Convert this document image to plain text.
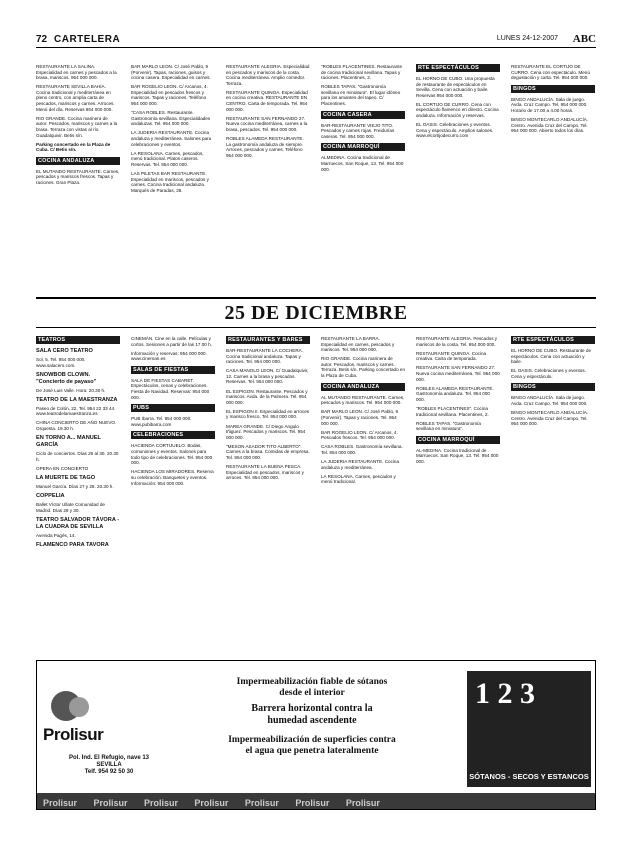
72 CARTELERA	LUNES 24-12-2007 ABC

RESTAURANTE LA SALINA. Especialidad en carnes y pescados a la brasa, mariscos. 954 000 000.

RESTAURANTE SEVILLA BAHÍA. Cocina tradicional y mediterránea en pleno centro, con amplia carta de pescados, mariscos y carnes. Arroces. Menú del día. Reservas 954 000 000.

RIO GRANDE. Cocina marinera de autor. Pescados, mariscos y carnes a la brasa. Terraza con vistas al río Guadalquivir. Betis s/n.

Parking concertado en la Plaza de Cuba. C/ Betis s/n.

COCINA ANDALUZA

EL MUTANDO RESTAURANTE. Carnes, pescados y mariscos frescos. Tapas y raciones. Gran Plaza.

BAR MARLO LEON. C/ José Pablo, 9 (Porvenir). Tapas, raciones, guisos y cocina casera. Especialidad en carnes.

BAR ROGELIO LEON. C/ Arcanos, 4. Especialidad en pescados frescos y mariscos. Tapas y raciones. Teléfono 954 000 000.

"CASA ROBLES. Restaurante. Gastronomía sevillana. Especialidades andaluzas. Tel. 954 000 000.

LA JUDERIA RESTAURANTE. Cocina andaluza y mediterránea. Salones para celebraciones y eventos.

LA RESOLANA. Carnes, pescados, menú tradicional. Platos caseros. Reservas. Tel. 954 000 000.

LAS PILETAS BAR RESTAURANTE. Especialidad en mariscos, pescados y carnes. Cocina tradicional andaluza. Marqués de Paradas, 28.

RESTAURANTE ALEGRIA. Especialidad en pescados y mariscos de la costa. Cocina mediterránea. Amplio comedor. Terraza.

RESTAURANTE QUINOA. Especialidad en cocina creativa. RESTAURANTE EN CENTRO. Carta de temporada. Tel. 954 000 000.

RESTAURANTE SAN FERNANDO 27. Nueva cocina mediterránea, carnes a la brasa, pescados. Tel. 954 000 000.

ROBLES ALAMEDA RESTAURANTE. La gastronomía andaluza de siempre. Arroces, pescados y carnes. Teléfono 954 000 000.

"ROBLES PLACENTINES. Restaurante de cocina tradicional sevillana. Tapas y raciones. Placentines, 2.

ROBLES TAPAS. "Gastronomía sevillana en miniatura". El lugar idóneo para los amantes del tapeo. C/ Placentines.

COCINA CASERA

BAR-RESTAURANTE VIEJO TITO. Pescados y carnes rojas. Freidurías caseras. Tel. 954 000 000.

COCINA MARROQUÍ

ALMEDINA. Cocina tradicional de Marruecos. San Roque, 13. Tel. 954 000 000.

RTE ESPECTÁCULOS

EL HORNO DE CUBO. Una propuesta de restaurante de espectáculos en Sevilla. Cena con actuación y baile. Reservas 954 000 000.

EL CORTIJO DE CURRO. Cena con espectáculo flamenco en directo. Cocina andaluza. Información y reservas.

EL OASIS. Celebraciones y eventos. Cena y espectáculo. Amplios salones. www.elcortijodecurro.com

RESTAURANTE EL CORTIJO DE CURRO. Cena con espectáculo. Menú degustación y carta. Tel. 954 000 000.

BINGOS

BINGO ANDALUCÍA. Sala de juego. Avda. Cruz Campo. Tel. 954 000 000. Horario de 17.00 a 4.00 horas.

BINGO MONTECARLO ANDALUCÍA. Centro. Avenida Cruz del Campo. Tel. 954 000 000. Abierto todos los días.

25 DE DICIEMBRE
TEATROS
SALA CERO TEATRO

Sol, 5. Tel. 954 000 000. www.salacero.com.

SNOWBOB CLOWN. "Concierto de payaso"

De José Luis Valle. Hora: 20.30 h.

TEATRO DE LA MAESTRANZA

Paseo de Colón, 22. Tel. 954 22 33 44. www.teatrodelamaestranza.es

CHINA CONCIERTO DE AÑO NUEVO. Orquesta. 19.30 h.

EN TORNO A... MANUEL GARCÍA

Ciclo de conciertos. Días 26 al 30. 20.30 h.

OPERA EN CONCIERTO

LA MUERTE DE TAGO

Manuel García. Días 27 y 28. 20.30 h.

COPPELIA

Ballet Víctor Ullate Comunidad de Madrid. Días 29 y 30.

TEATRO SALVADOR TÁVORA - LA CUADRA DE SEVILLA

Avenida Pagés, 14.

FLAMENCO PARA TAVORA

CINEMÁN. Cine en la calle. Películas y cortos. Sesiones a partir de las 17.00 h.

Información y reservas: 954 000 000. www.cineman.es

SALAS DE FIESTAS

SALA DE FIESTAS CABARET. Espectáculos, cenas y celebraciones. Fiesta de Navidad. Reservas: 954 000 000.

PUBS

PUB Ibarra. Tel. 954 000 000. www.pubibarra.com

CELEBRACIONES

HACIENDA CORTIJUELO. Bodas, comuniones y eventos. Salones para todo tipo de celebraciones. Tel. 954 000 000.

HACIENDA LOS MIRADORES. Reserva su celebración. Banquetes y eventos. Información: 954 000 000.

RESTAURANTES Y BARES

BAR-RESTAURANTE LA COCHERA. Cocina tradicional andaluza. Tapas y raciones. Tel. 954 000 000.

CASA MANOLO LEON. C/ Guadalquivir, 12. Carnes a la brasa y pescados. Reservas. Tel. 954 000 000.

EL ESPIGON. Restaurante. Pescados y mariscos. Avda. de la Palmera. Tel. 954 000 000.

EL ESPIGON II. Especialidad en arroces y marisco fresco. Tel. 954 000 000.

MAREA GRANDE. C/ Diego Angulo Iñiguez. Pescados y mariscos. Tel. 954 000 000.

"MESON ASADOR TITO ALBERTO". Carnes a la brasa. Comidas de empresa. Tel. 954 000 000.

RESTAURANTE LA BUENA PESCA. Especialidad en pescados, mariscos y arroces. Tel. 954 000 000.

RESTAURANTE LA BARRA. Especialidad en carnes, pescados y mariscos. Tel. 954 000 000.

RIO GRANDE. Cocina marinera de autor. Pescados, mariscos y carnes. Terraza. Betis s/n. Parking concertado en la Plaza de Cuba.

COCINA ANDALUZA

AL MUTANDO RESTAURANTE. Carnes, pescados y mariscos. Tel. 954 000 000.

BAR MARLO LEON. C/ José Pablo, 9 (Porvenir). Tapas y raciones. Tel. 954 000 000.

BAR ROGELIO LEON. C/ Arcanos, 4. Pescados frescos. Tel. 954 000 000.

CASA ROBLES. Gastronomía sevillana. Tel. 954 000 000.

LA JUDERIA RESTAURANTE. Cocina andaluza y mediterránea.

LA RESOLANA. Carnes, pescados y menú tradicional.

RESTAURANTE ALEGRIA. Pescados y mariscos de la costa. Tel. 954 000 000.

RESTAURANTE QUINOA. Cocina creativa. Carta de temporada.

RESTAURANTE SAN FERNANDO 27. Nueva cocina mediterránea. Tel. 954 000 000.

ROBLES ALAMEDA RESTAURANTE. Gastronomía andaluza. Tel. 954 000 000.

"ROBLES PLACENTINES". Cocina tradicional sevillana. Placentines, 2.

ROBLES TAPAS. "Gastronomía sevillana en miniatura".

COCINA MARROQUÍ

AL-MEDINA. Cocina tradicional de Marruecos. San Roque, 13. Tel. 954 000 000.

RTE ESPECTÁCULOS

EL HORNO DE CUBO. Restaurante de espectáculos. Cena con actuación y baile.

EL OASIS. Celebraciones y eventos. Cena y espectáculo.

BINGOS

BINGO ANDALUCÍA. Sala de juego. Avda. Cruz Campo. Tel. 954 000 000.

BINGO MONTECARLO ANDALUCÍA. Centro. Avenida Cruz del Campo. Tel. 954 000 000.

Prolisur
Pol. Ind. El Refugio, nave 13
SEVILLA
Telf. 954 92 50 30
Impermeabilización fiable de sótanos
desde el interior
Barrera horizontal contra la
humedad ascendente
Impermeabilización de superficies contra
el agua que penetra lateralmente
1 2 3
SÓTANOS - SECOS Y ESTANCOS
Prolisur Prolisur Prolisur Prolisur Prolisur Prolisur Prolisur
